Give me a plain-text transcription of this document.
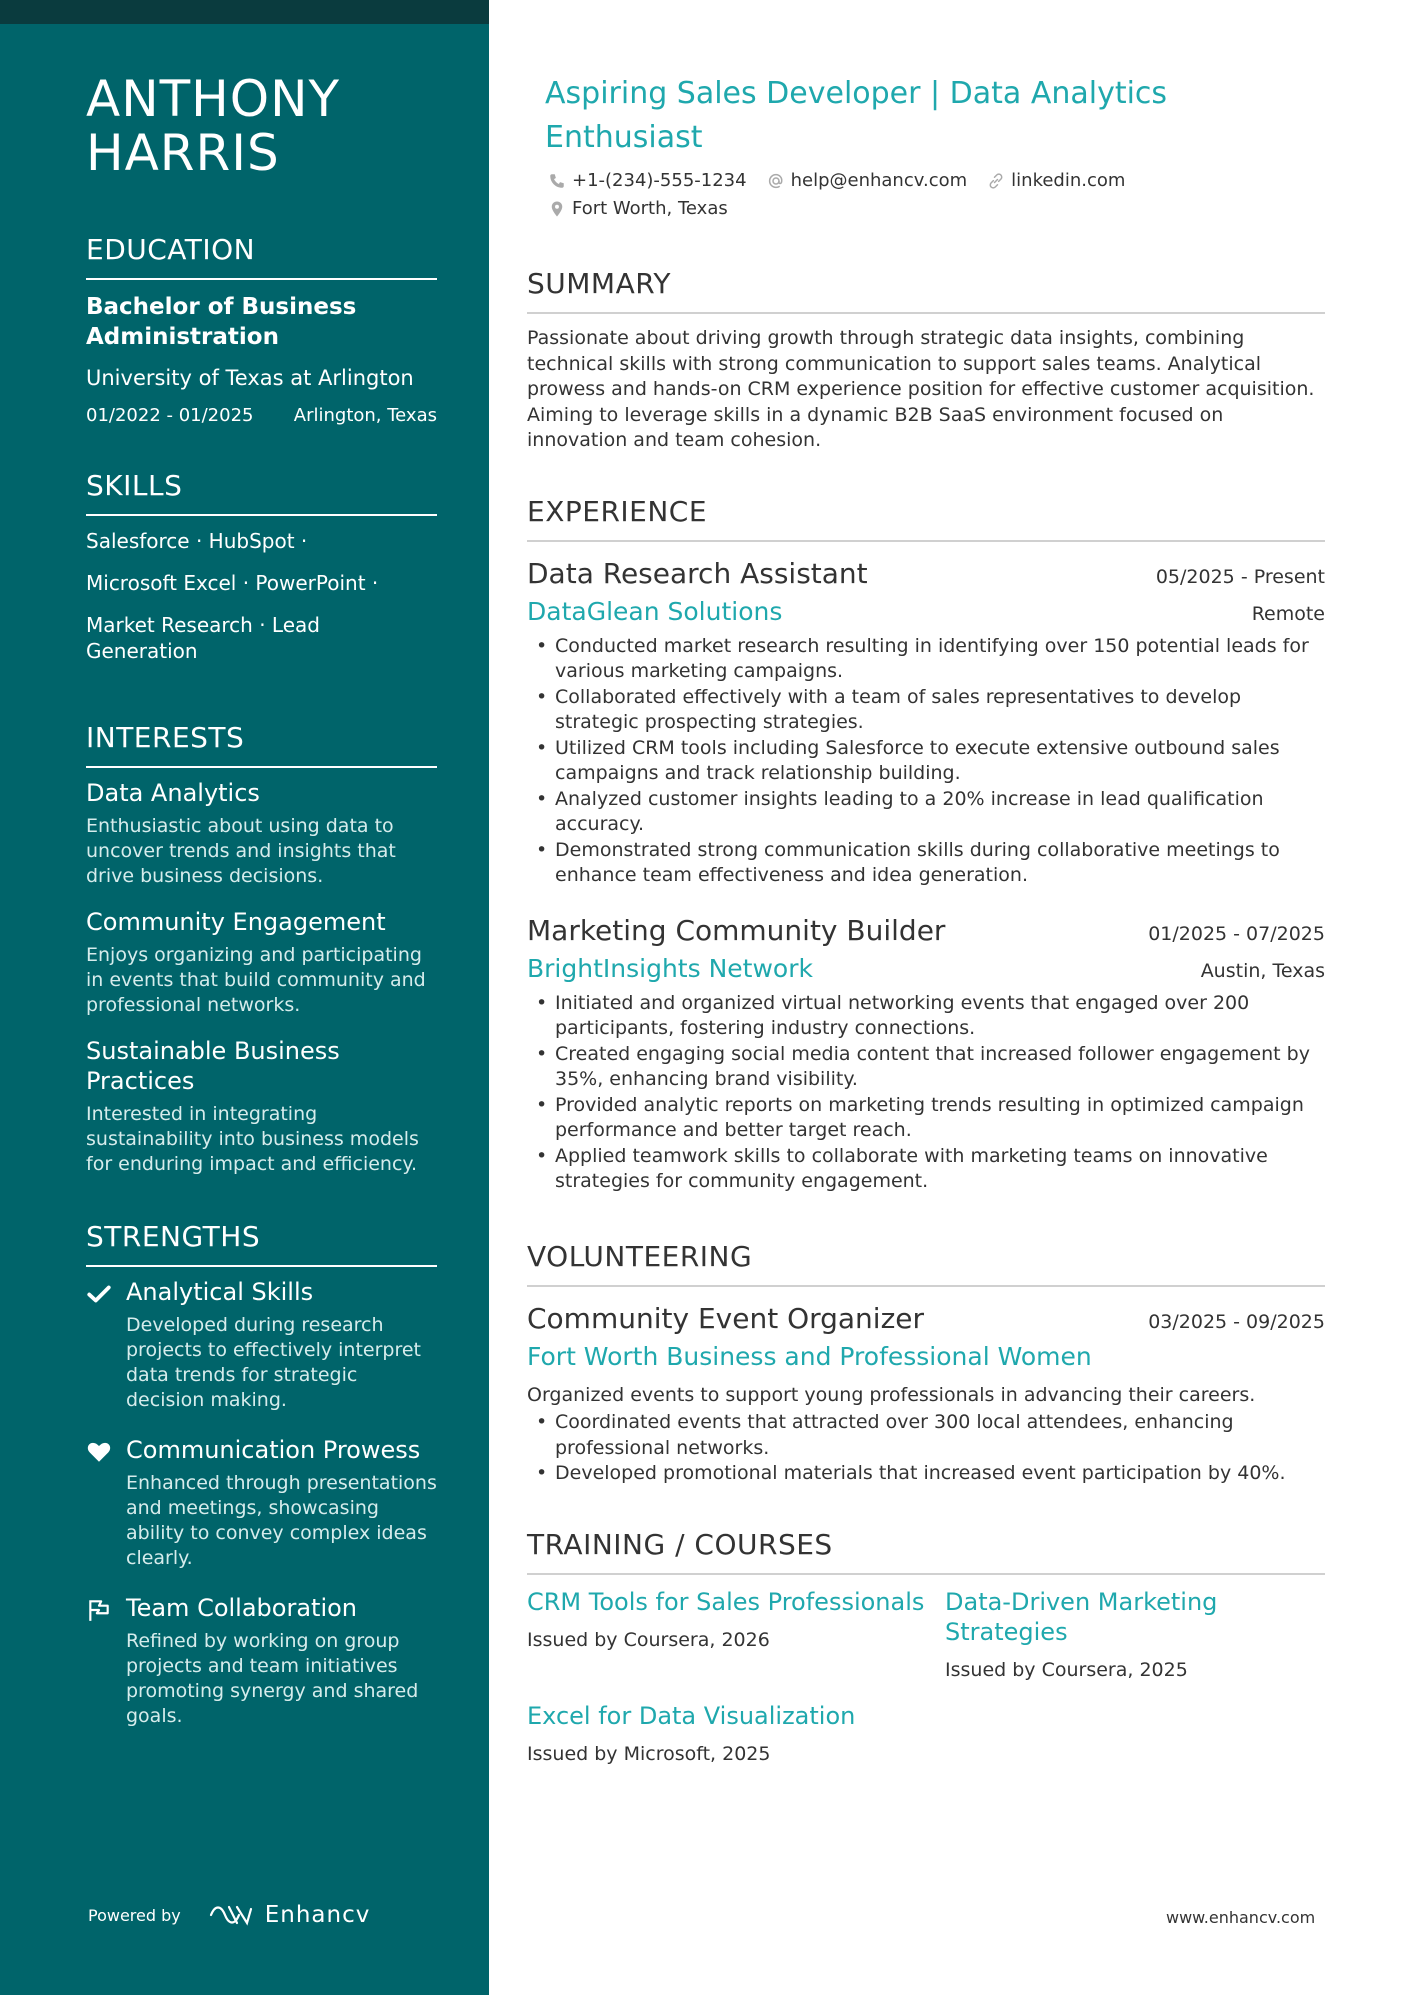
ANTHONY
HARRIS
EDUCATION
Bachelor of Business Administration
University of Texas at Arlington
01/2022 - 01/2025 Arlington, Texas
SKILLS
Salesforce · HubSpot ·
Microsoft Excel · PowerPoint ·
Market Research · Lead Generation
INTERESTS
Data Analytics
Enthusiastic about using data to uncover trends and insights that drive business decisions.
Community Engagement
Enjoys organizing and participating in events that build community and professional networks.
Sustainable Business Practices
Interested in integrating sustainability into business models for enduring impact and efficiency.
STRENGTHS
Analytical Skills
Developed during research projects to effectively interpret data trends for strategic decision making.
Communication Prowess
Enhanced through presentations and meetings, showcasing ability to convey complex ideas clearly.
Team Collaboration
Refined by working on group projects and team initiatives promoting synergy and shared goals.
Powered by	Enhancv
Aspiring Sales Developer | Data Analytics Enthusiast
+1-(234)-555-1234 help@enhancv.com linkedin.com
Fort Worth, Texas
SUMMARY
Passionate about driving growth through strategic data insights, combining technical skills with strong communication to support sales teams. Analytical prowess and hands-on CRM experience position for effective customer acquisition. Aiming to leverage skills in a dynamic B2B SaaS environment focused on innovation and team cohesion.
EXPERIENCE
Data Research Assistant	05/2025 - Present
DataGlean Solutions	Remote
• Conducted market research resulting in identifying over 150 potential leads for various marketing campaigns.
• Collaborated effectively with a team of sales representatives to develop strategic prospecting strategies.
• Utilized CRM tools including Salesforce to execute extensive outbound sales campaigns and track relationship building.
• Analyzed customer insights leading to a 20% increase in lead qualification accuracy.
• Demonstrated strong communication skills during collaborative meetings to enhance team effectiveness and idea generation.
Marketing Community Builder	01/2025 - 07/2025
BrightInsights Network	Austin, Texas
• Initiated and organized virtual networking events that engaged over 200 participants, fostering industry connections.
• Created engaging social media content that increased follower engagement by 35%, enhancing brand visibility.
• Provided analytic reports on marketing trends resulting in optimized campaign performance and better target reach.
• Applied teamwork skills to collaborate with marketing teams on innovative strategies for community engagement.
VOLUNTEERING
Community Event Organizer	03/2025 - 09/2025
Fort Worth Business and Professional Women
Organized events to support young professionals in advancing their careers.
• Coordinated events that attracted over 300 local attendees, enhancing professional networks.
• Developed promotional materials that increased event participation by 40%.
TRAINING / COURSES
CRM Tools for Sales Professionals
Issued by Coursera, 2026
Data-Driven Marketing Strategies
Issued by Coursera, 2025
Excel for Data Visualization
Issued by Microsoft, 2025
www.enhancv.com
